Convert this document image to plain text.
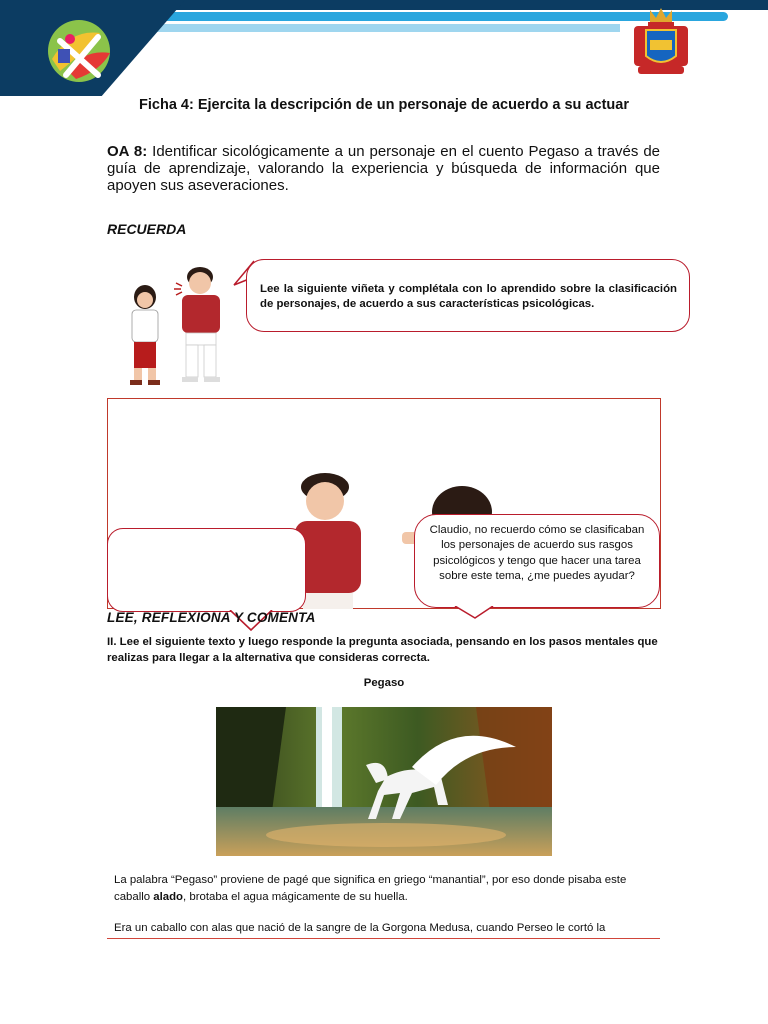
Ficha 4: Ejercita la descripción de un personaje de acuerdo a su actuar
OA 8: Identificar sicológicamente a un personaje en el cuento Pegaso a través de guía de aprendizaje, valorando la experiencia y búsqueda de información que apoyen sus aseveraciones.
RECUERDA
Lee la siguiente viñeta y complétala con lo aprendido sobre la clasificación de personajes, de acuerdo a sus características psicológicas.
Claudio, no recuerdo cómo se clasificaban los personajes de acuerdo sus rasgos psicológicos y tengo que hacer una tarea sobre este tema, ¿me puedes ayudar?
LEE, REFLEXIONA Y COMENTA
II. Lee el siguiente texto y luego responde la pregunta asociada, pensando en los pasos mentales que realizas para llegar a la alternativa que consideras correcta.
Pegaso
La palabra “Pegaso” proviene de pagé que significa en griego “manantial”, por eso donde pisaba este caballo alado, brotaba el agua mágicamente de su huella.
Era un caballo con alas que nació de la sangre de la Gorgona Medusa, cuando Perseo le cortó la
